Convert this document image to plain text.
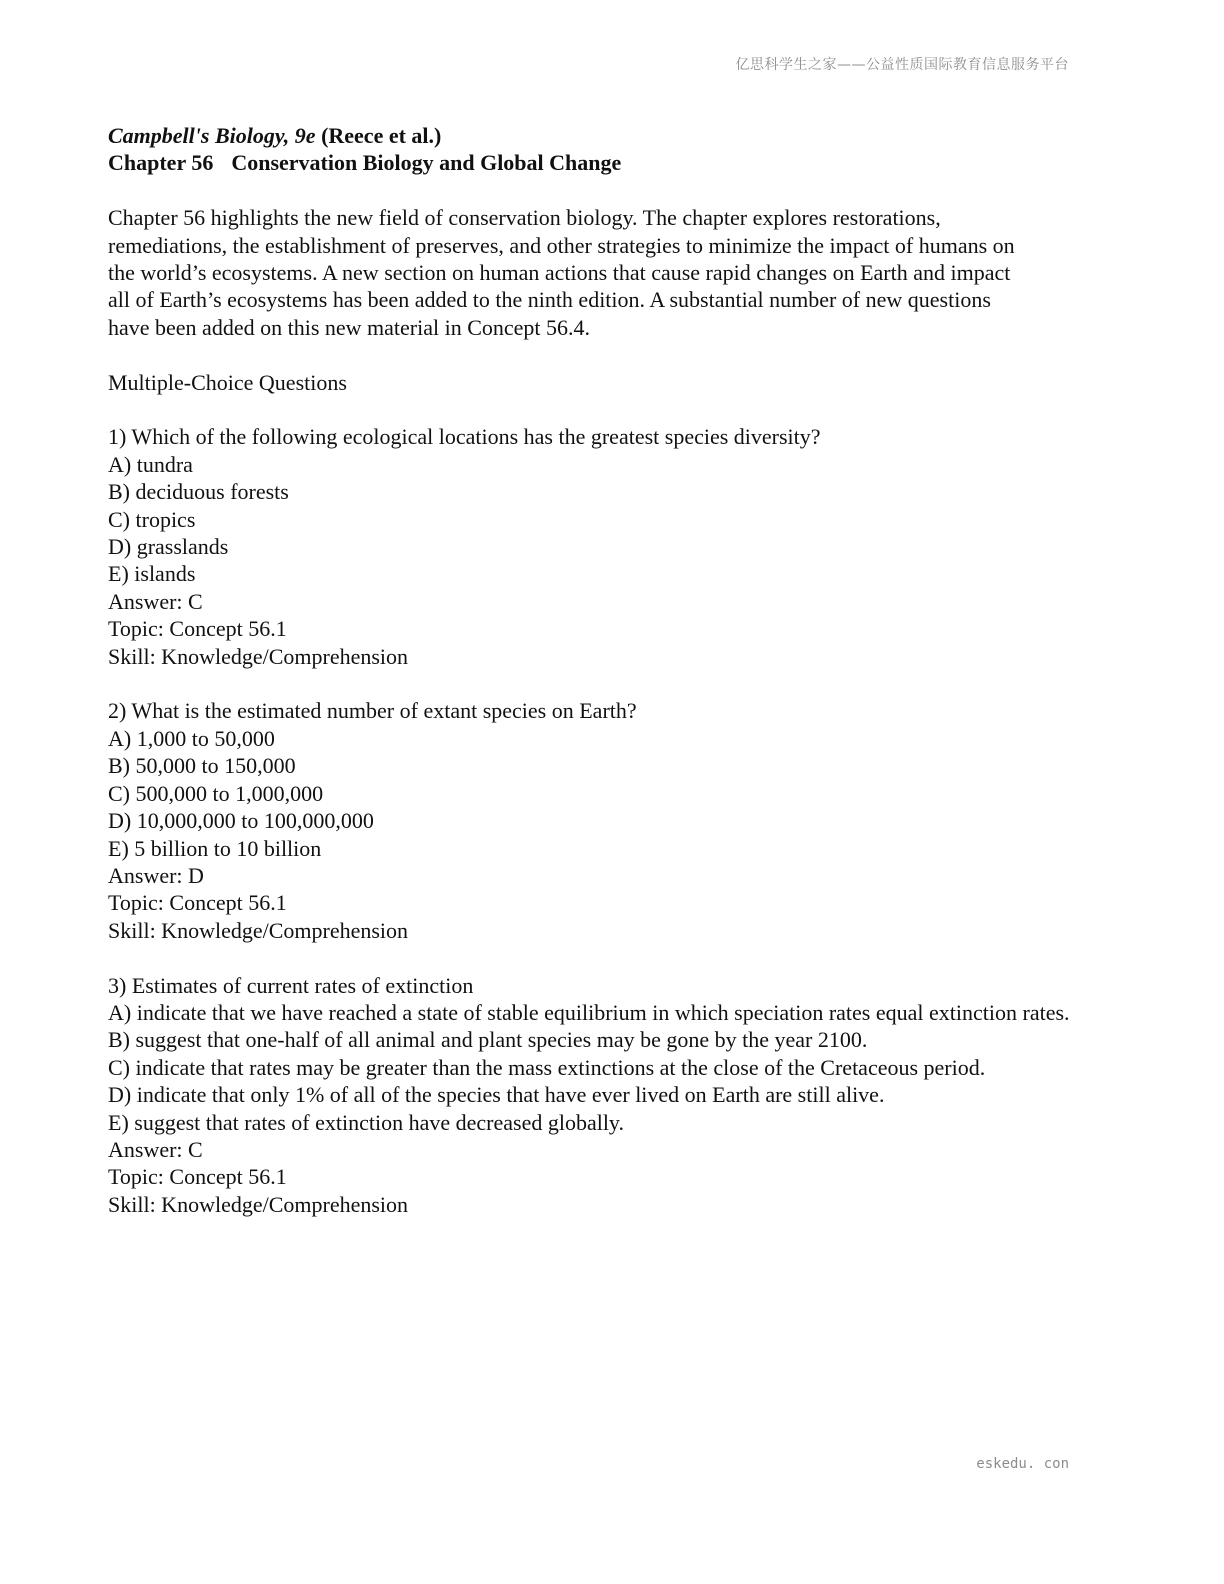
亿思科学生之家——公益性质国际教育信息服务平台

Campbell's Biology, 9e (Reece et al.)

Chapter 56 Conservation Biology and Global Change

Chapter 56 highlights the new field of conservation biology. The chapter explores restorations,

remediations, the establishment of preserves, and other strategies to minimize the impact of humans on

the world’s ecosystems. A new section on human actions that cause rapid changes on Earth and impact

all of Earth’s ecosystems has been added to the ninth edition. A substantial number of new questions

have been added on this new material in Concept 56.4.

Multiple-Choice Questions

1) Which of the following ecological locations has the greatest species diversity?

A) tundra

B) deciduous forests

C) tropics

D) grasslands

E) islands

Answer: C

Topic: Concept 56.1

Skill: Knowledge/Comprehension

2) What is the estimated number of extant species on Earth?

A) 1,000 to 50,000

B) 50,000 to 150,000

C) 500,000 to 1,000,000

D) 10,000,000 to 100,000,000

E) 5 billion to 10 billion

Answer: D

Topic: Concept 56.1

Skill: Knowledge/Comprehension

3) Estimates of current rates of extinction

A) indicate that we have reached a state of stable equilibrium in which speciation rates equal extinction rates.

B) suggest that one-half of all animal and plant species may be gone by the year 2100.

C) indicate that rates may be greater than the mass extinctions at the close of the Cretaceous period.

D) indicate that only 1% of all of the species that have ever lived on Earth are still alive.

E) suggest that rates of extinction have decreased globally.

Answer: C

Topic: Concept 56.1

Skill: Knowledge/Comprehension

eskedu. con
